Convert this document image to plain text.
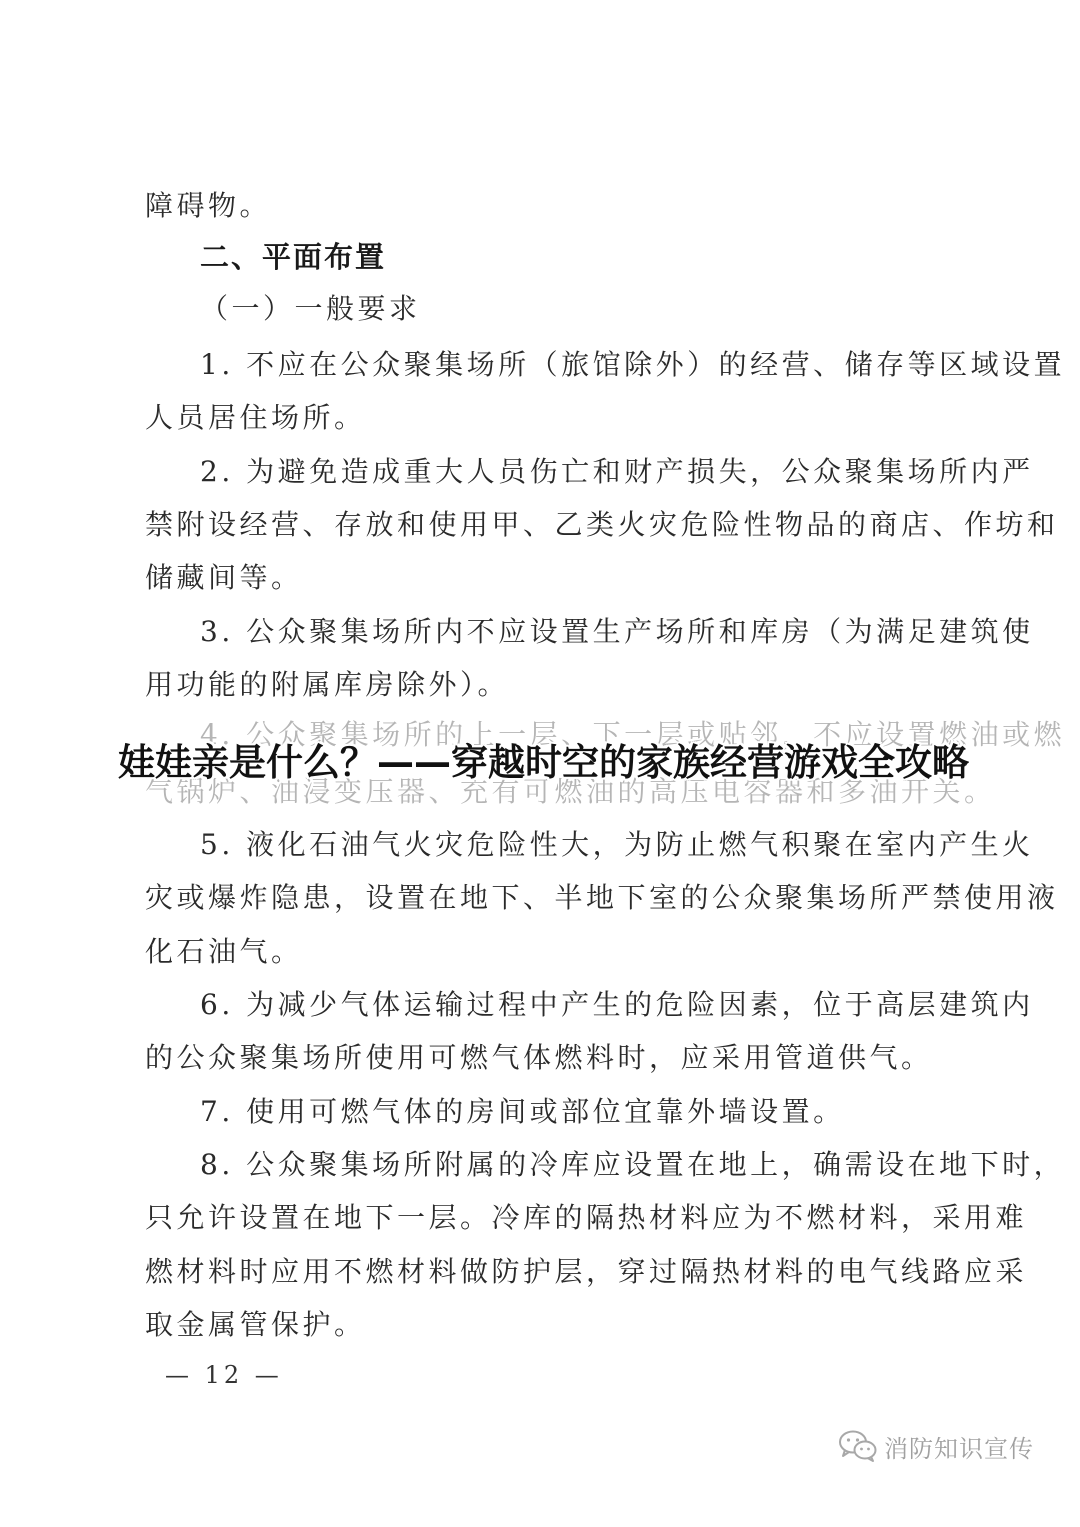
障碍物。
二、平面布置
（一）一般要求
1. 不应在公众聚集场所（旅馆除外）的经营、储存等区域设置
人员居住场所。
2. 为避免造成重大人员伤亡和财产损失，公众聚集场所内严
禁附设经营、存放和使用甲、乙类火灾危险性物品的商店、作坊和
储藏间等。
3. 公众聚集场所内不应设置生产场所和库房（为满足建筑使
用功能的附属库房除外）。
4. 公众聚集场所的上一层、下一层或贴邻，不应设置燃油或燃
气锅炉、油浸变压器、充有可燃油的高压电容器和多油开关。
5. 液化石油气火灾危险性大，为防止燃气积聚在室内产生火
灾或爆炸隐患，设置在地下、半地下室的公众聚集场所严禁使用液
化石油气。
6. 为减少气体运输过程中产生的危险因素，位于高层建筑内
的公众聚集场所使用可燃气体燃料时，应采用管道供气。
7. 使用可燃气体的房间或部位宜靠外墙设置。
8. 公众聚集场所附属的冷库应设置在地上，确需设在地下时，
只允许设置在地下一层。冷库的隔热材料应为不燃材料，采用难
燃材料时应用不燃材料做防护层，穿过隔热材料的电气线路应采
取金属管保护。
— 12 —
娃娃亲是什么？——穿越时空的家族经营游戏全攻略
消防知识宣传
